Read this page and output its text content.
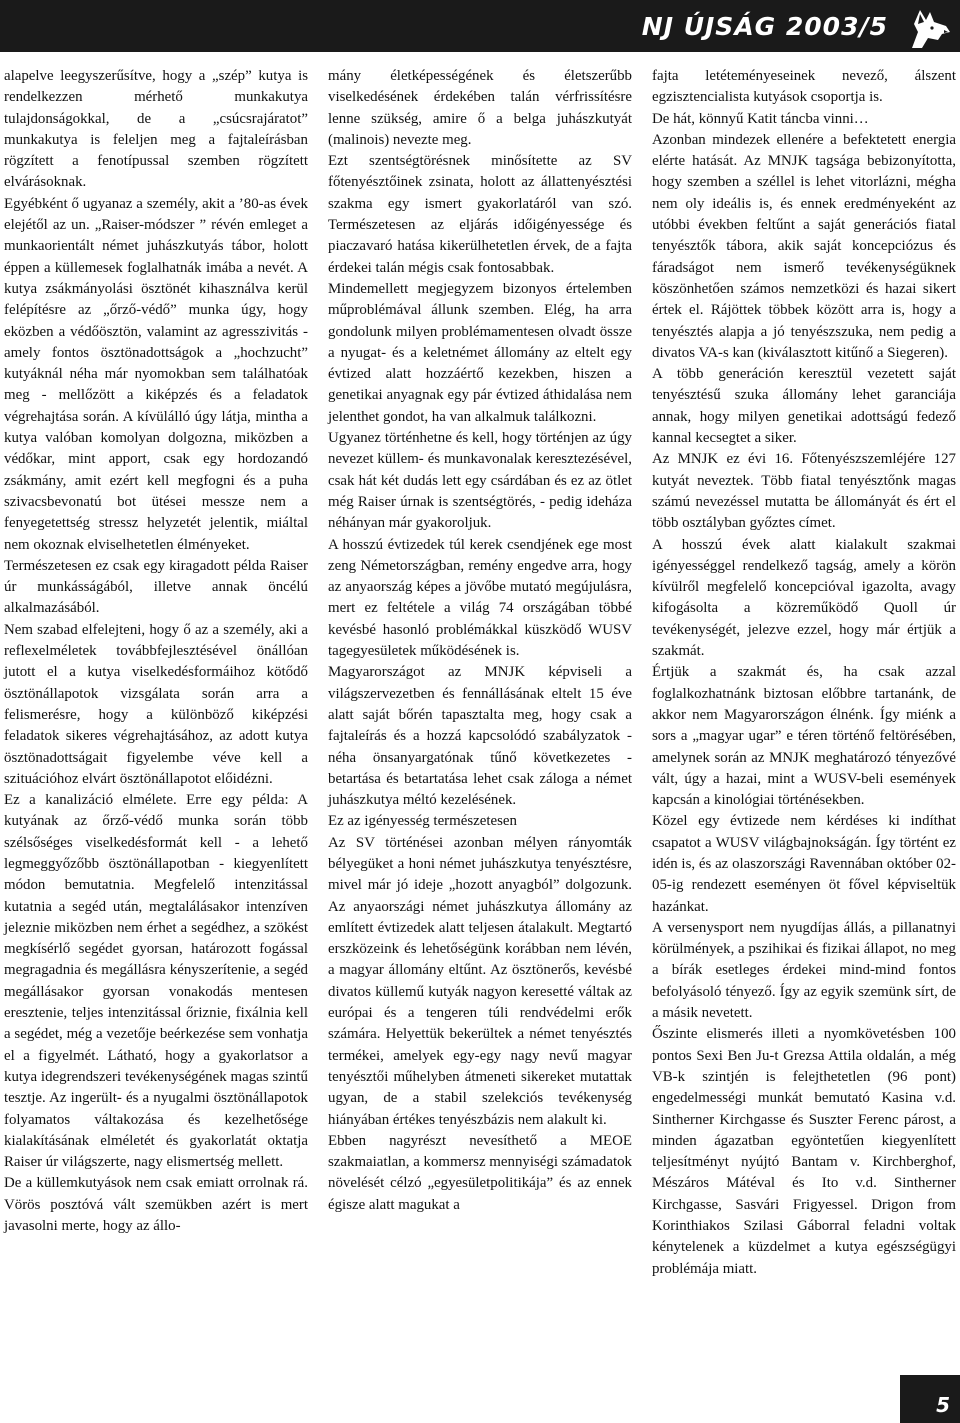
NJ ÚJSÁG 2003/5

alapelve leegyszerűsítve, hogy a „szép” kutya is rendelkezzen mérhető munkakutya tulajdonságokkal, de a „csúcsrajáratot” munkakutya is feleljen meg a fajtaleírásban rögzített a fenotípussal szemben rögzített elvárásoknak.

Egyébként ő ugyanaz a személy, akit a ’80-as évek elejétől az un. „Raiser-módszer ” révén emleget a munkaorientált német juhászkutyás tábor, holott éppen a küllemesek foglalhatnák imába a nevét. A kutya zsákmányolási ösztönét kihasználva kerül felépítésre az „őrző-védő” munka úgy, hogy eközben a védőösztön, valamint az agresszivitás - amely fontos ösztönadottságok a „hochzucht” kutyáknál néha már nyomokban sem találhatóak meg - mellőzött a kiképzés és a feladatok végrehajtása során. A kívülálló úgy látja, mintha a kutya valóban komolyan dolgozna, miközben a védőkar, mint apport, csak egy hordozandó zsákmány, amit ezért kell megfogni és a puha szivacsbevonatú bot ütései messze nem a fenyegetettség stressz helyzetét jelentik, miáltal nem okoznak elviselhetetlen élményeket.

Természetesen ez csak egy kiragadott példa Raiser úr munkásságából, illetve annak öncélú alkalmazásából.

Nem szabad elfelejteni, hogy ő az a személy, aki a reflexelméletek továbbfejlesztésével önállóan jutott el a kutya viselkedésformáihoz kötődő ösztönállapotok vizsgálata során arra a felismerésre, hogy a különböző kiképzési feladatok sikeres végrehajtásához, az adott kutya ösztönadottságait figyelembe véve kell a szituációhoz elvárt ösztönállapotot előidézni.

Ez a kanalizáció elmélete. Erre egy példa: A kutyának az őrző-védő munka során több szélsőséges viselkedésformát kell - a lehető legmeggyőzőbb ösztönállapotban - kiegyenlített módon bemutatnia. Megfelelő intenzitással kutatnia a segéd után, megtalálásakor intenzíven jeleznie miközben nem érhet a segédhez, a szökést megkísérlő segédet gyorsan, határozott fogással megragadnia és megállásra kényszerítenie, a segéd megállásakor gyorsan vonakodás mentesen eresztenie, teljes intenzitással őriznie, fixálnia kell a segédet, még a vezetője beérkezése sem vonhatja el a figyelmét. Látható, hogy a gyakorlatsor a kutya idegrendszeri tevékenységének magas szintű tesztje. Az ingerült- és a nyugalmi ösztönállapotok folyamatos váltakozása és kezelhetősége kialakításának elméletét és gyakorlatát oktatja Raiser úr világszerte, nagy elismertség mellett.

De a küllemkutyások nem csak emiatt orrolnak rá. Vörös posztóvá vált szemükben azért is mert javasolni merte, hogy az állo-

mány életképességének és életszerűbb viselkedésének érdekében talán vérfrissítésre lenne szükség, amire ő a belga juhászkutyát (malinois) nevezte meg.

Ezt szentségtörésnek minősítette az SV főtenyésztőinek zsinata, holott az állattenyésztési szakma egy ismert gyakorlatáról van szó. Természetesen az eljárás időigényessége és piaczavaró hatása kikerülhetetlen érvek, de a fajta érdekei talán mégis csak fontosabbak.

Mindemellett megjegyzem bizonyos értelemben műproblémával állunk szemben. Elég, ha arra gondolunk milyen problémamentesen olvadt össze a nyugat- és a keletnémet állomány az eltelt egy évtized alatt hozzáértő kezekben, hiszen a genetikai anyagnak egy pár évtized áthidalása nem jelenthet gondot, ha van alkalmuk találkozni.

Ugyanez történhetne és kell, hogy történjen az úgy nevezet küllem- és munkavonalak keresztezésével, csak hát két dudás lett egy csárdában és ez az ötlet még Raiser úrnak is szentségtörés, - pedig ideháza néhányan már gyakoroljuk.

A hosszú évtizedek túl kerek csendjének ege most zeng Németországban, remény engedve arra, hogy az anyaország képes a jövőbe mutató megújulásra, mert ez feltétele a világ 74 országában többé kevésbé hasonló problémákkal küszködő WUSV tagegyesületek működésének is.

Magyarországot az MNJK képviseli a világszervezetben és fennállásának eltelt 15 éve alatt saját bőrén tapasztalta meg, hogy csak a fajtaleírás és a hozzá kapcsolódó szabályzatok - néha önsanyargatónak tűnő következetes - betartása és betartatása lehet csak záloga a német juhászkutya méltó kezelésének.

Ez az igényesség természetesen

Az SV történései azonban mélyen rányomták bélyegüket a honi német juhászkutya tenyésztésre, mivel már jó ideje „hozott anyagból” dolgozunk. Az anyaországi német juhászkutya állomány az említett évtizedek alatt teljesen átalakult. Megtartó erszközeink és lehetőségünk korábban nem lévén, a magyar állomány eltűnt. Az ösztönerős, kevésbé divatos küllemű kutyák nagyon keresetté váltak az európai és a tengeren túli rendvédelmi erők számára. Helyettük bekerültek a német tenyésztés termékei, amelyek egy-egy nagy nevű magyar tenyésztői műhelyben átmeneti sikereket mutattak ugyan, de a stabil szelekciós tevékenység hiányában értékes tenyészbázis nem alakult ki.

Ebben nagyrészt nevesíthető a MEOE szakmaiatlan, a kommersz mennyiségi számadatok növelését célzó „egyesületpolitikája” és az ennek égisze alatt magukat a

fajta letéteményeseinek nevező, álszent egzisztencialista kutyások csoportja is.

De hát, könnyű Katit táncba vinni…

Azonban mindezek ellenére a befektetett energia elérte hatását. Az MNJK tagsága bebizonyította, hogy szemben a széllel is lehet vitorlázni, mégha nem oly ideális is, és ennek eredményeként az utóbbi években feltűnt a saját generációs fiatal tenyésztők tábora, akik saját koncepciózus és fáradságot nem ismerő tevékenységüknek köszönhetően számos nemzetközi és hazai sikert értek el. Rájöttek többek között arra is, hogy a tenyésztés alapja a jó tenyészszuka, nem pedig a divatos VA-s kan (kiválasztott kitűnő a Siegeren).

A több generáción keresztül vezetett saját tenyésztésű szuka állomány lehet garanciája annak, hogy milyen genetikai adottságú fedező kannal kecsegtet a siker.

Az MNJK ez évi 16. Főtenyészszemléjére 127 kutyát neveztek. Több fiatal tenyésztőnk magas számú nevezéssel mutatta be állományát és ért el több osztályban győztes címet.

A hosszú évek alatt kialakult szakmai igényességgel rendelkező tagság, amely a körön kívülről megfelelő koncepcióval igazolta, avagy kifogásolta a közreműködő Quoll úr tevékenységét, jelezve ezzel, hogy már értjük a szakmát.

Értjük a szakmát és, ha csak azzal foglalkozhatnánk biztosan előbbre tartanánk, de akkor nem Magyarországon élnénk. Így miénk a sors a „magyar ugar” e téren történő feltörésében, amelynek során az MNJK meghatározó tényezővé vált, úgy a hazai, mint a WUSV-beli események kapcsán a kinológiai történésekben.

Közel egy évtizede nem kérdéses ki indíthat csapatot a WUSV világbajnokságán. Így történt ez idén is, és az olaszországi Ravennában október 02-05-ig rendezett eseményen öt fővel képviseltük hazánkat.

A versenysport nem nyugdíjas állás, a pillanatnyi körülmények, a pszihikai és fizikai állapot, no meg a bírák esetleges érdekei mind-mind fontos befolyásoló tényező. Így az egyik szemünk sírt, de a másik nevetett.

Őszinte elismerés illeti a nyomkövetésben 100 pontos Sexi Ben Ju-t Grezsa Attila oldalán, a még VB-k szintjén is felejthetetlen (96 pont) engedelmességi munkát bemutató Kasina v.d. Sintherner Kirchgasse és Suszter Ferenc párost, a minden ágazatban egyöntetűen kiegyenlített teljesítményt nyújtó Bantam v. Kirchberghof, Mészáros Mátéval és Ito v.d. Sintherner Kirchgasse, Sasvári Frigyessel. Drigon from Korinthiakos Szilasi Gáborral feladni voltak kénytelenek a küzdelmet a kutya egészségügyi problémája miatt.

5
